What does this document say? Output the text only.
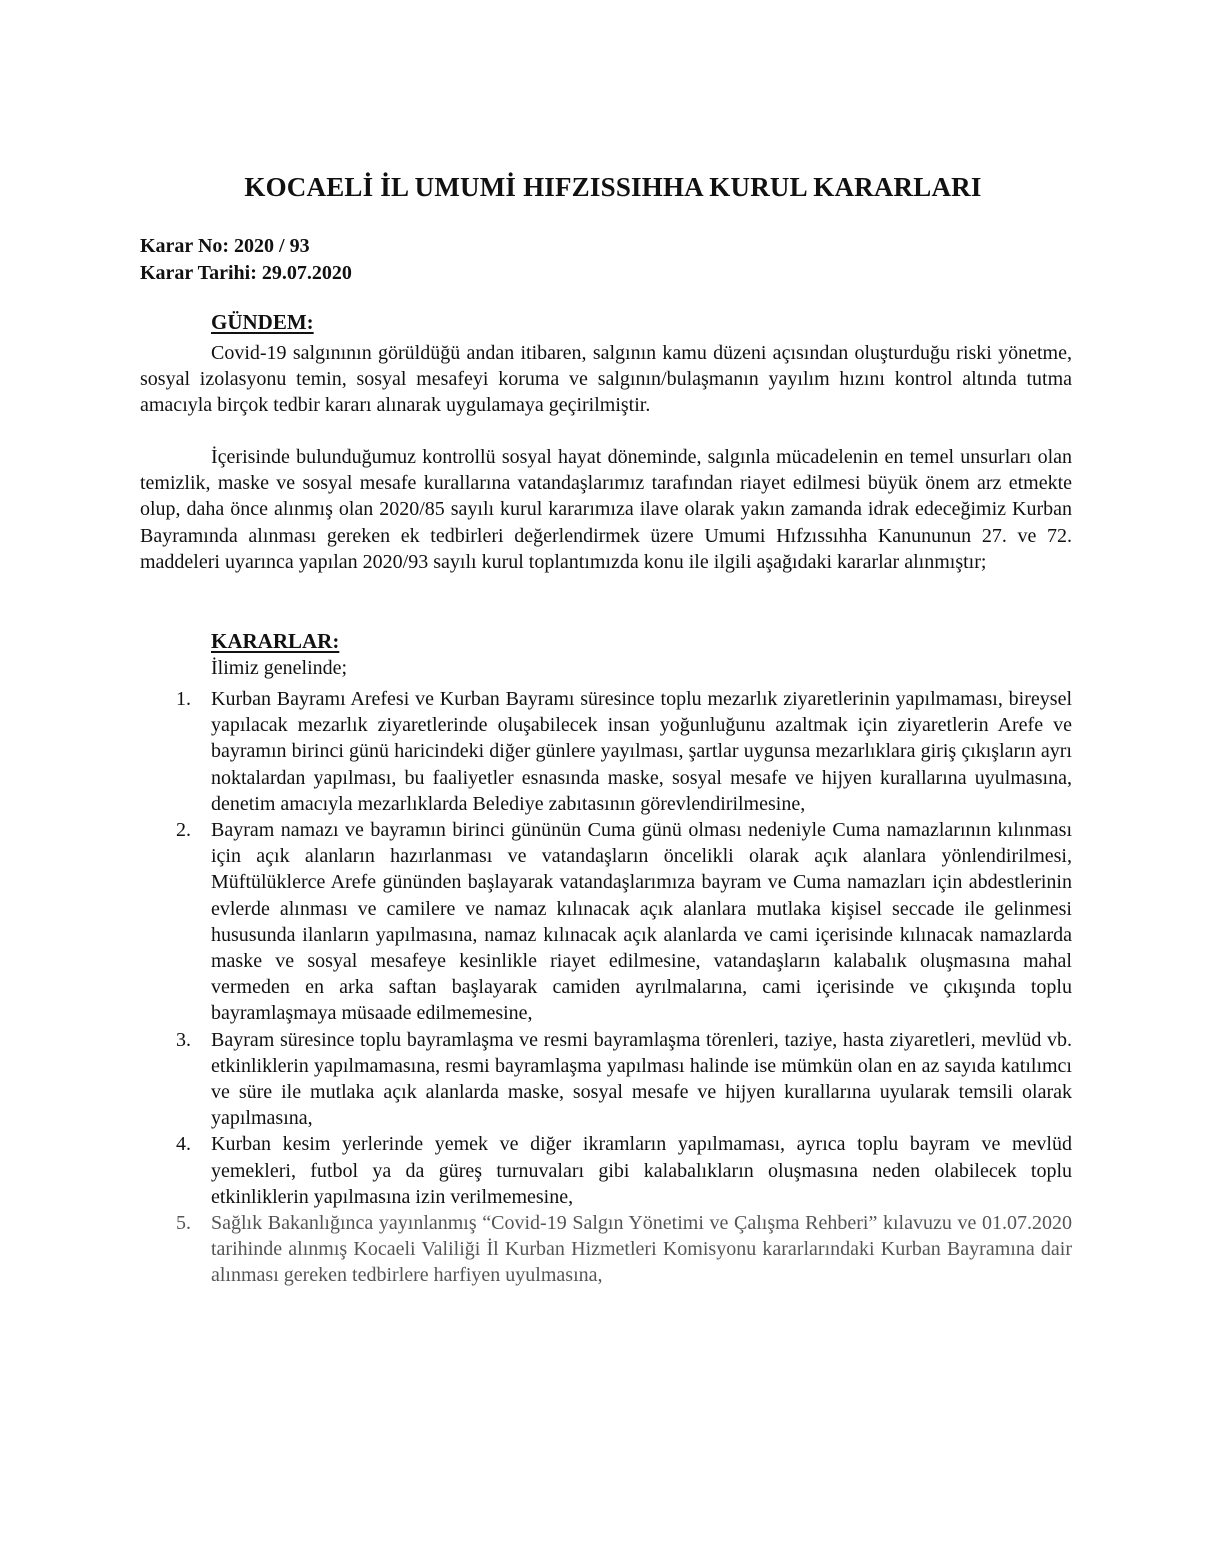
KOCAELİ İL UMUMİ HIFZISSIHHA KURUL KARARLARI
Karar No: 2020 / 93
Karar Tarihi: 29.07.2020
GÜNDEM:

Covid-19 salgınının görüldüğü andan itibaren, salgının kamu düzeni açısından oluşturduğu riski yönetme, sosyal izolasyonu temin, sosyal mesafeyi koruma ve salgının/bulaşmanın yayılım hızını kontrol altında tutma amacıyla birçok tedbir kararı alınarak uygulamaya geçirilmiştir.

İçerisinde bulunduğumuz kontrollü sosyal hayat döneminde, salgınla mücadelenin en temel unsurları olan temizlik, maske ve sosyal mesafe kurallarına vatandaşlarımız tarafından riayet edilmesi büyük önem arz etmekte olup, daha önce alınmış olan 2020/85 sayılı kurul kararımıza ilave olarak yakın zamanda idrak edeceğimiz Kurban Bayramında alınması gereken ek tedbirleri değerlendirmek üzere Umumi Hıfzıssıhha Kanununun 27. ve 72. maddeleri uyarınca yapılan 2020/93 sayılı kurul toplantımızda konu ile ilgili aşağıdaki kararlar alınmıştır;

KARARLAR:
İlimiz genelinde;
1. Kurban Bayramı Arefesi ve Kurban Bayramı süresince toplu mezarlık ziyaretlerinin yapılmaması, bireysel yapılacak mezarlık ziyaretlerinde oluşabilecek insan yoğunluğunu azaltmak için ziyaretlerin Arefe ve bayramın birinci günü haricindeki diğer günlere yayılması, şartlar uygunsa mezarlıklara giriş çıkışların ayrı noktalardan yapılması, bu faaliyetler esnasında maske, sosyal mesafe ve hijyen kurallarına uyulmasına, denetim amacıyla mezarlıklarda Belediye zabıtasının görevlendirilmesine,
2. Bayram namazı ve bayramın birinci gününün Cuma günü olması nedeniyle Cuma namazlarının kılınması için açık alanların hazırlanması ve vatandaşların öncelikli olarak açık alanlara yönlendirilmesi, Müftülüklerce Arefe gününden başlayarak vatandaşlarımıza bayram ve Cuma namazları için abdestlerinin evlerde alınması ve camilere ve namaz kılınacak açık alanlara mutlaka kişisel seccade ile gelinmesi hususunda ilanların yapılmasına, namaz kılınacak açık alanlarda ve cami içerisinde kılınacak namazlarda maske ve sosyal mesafeye kesinlikle riayet edilmesine, vatandaşların kalabalık oluşmasına mahal vermeden en arka saftan başlayarak camiden ayrılmalarına, cami içerisinde ve çıkışında toplu bayramlaşmaya müsaade edilmemesine,
3. Bayram süresince toplu bayramlaşma ve resmi bayramlaşma törenleri, taziye, hasta ziyaretleri, mevlüd vb. etkinliklerin yapılmamasına, resmi bayramlaşma yapılması halinde ise mümkün olan en az sayıda katılımcı ve süre ile mutlaka açık alanlarda maske, sosyal mesafe ve hijyen kurallarına uyularak temsili olarak yapılmasına,
4. Kurban kesim yerlerinde yemek ve diğer ikramların yapılmaması, ayrıca toplu bayram ve mevlüd yemekleri, futbol ya da güreş turnuvaları gibi kalabalıkların oluşmasına neden olabilecek toplu etkinliklerin yapılmasına izin verilmemesine,
5. Sağlık Bakanlığınca yayınlanmış “Covid-19 Salgın Yönetimi ve Çalışma Rehberi” kılavuzu ve 01.07.2020 tarihinde alınmış Kocaeli Valiliği İl Kurban Hizmetleri Komisyonu kararlarındaki Kurban Bayramına dair alınması gereken tedbirlere harfiyen uyulmasına,
